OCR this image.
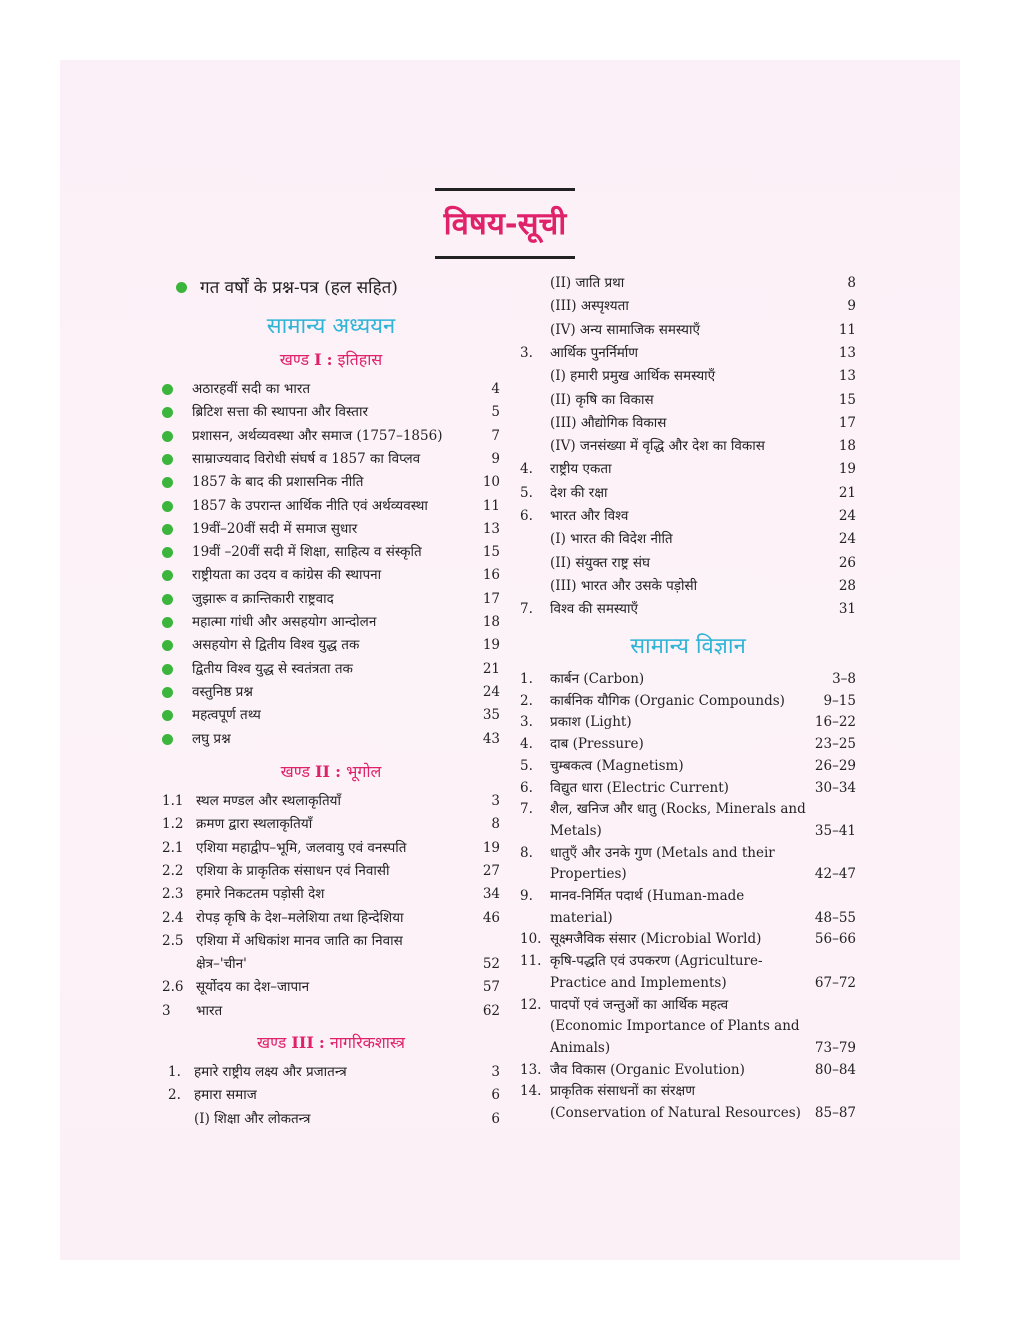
विषय-सूची
गत वर्षों के प्रश्न-पत्र (हल सहित)
सामान्य अध्ययन
खण्ड I : इतिहास
अठारहवीं सदी का भारत	4
ब्रिटिश सत्ता की स्थापना और विस्तार	5
प्रशासन, अर्थव्यवस्था और समाज (1757–1856)	7
साम्राज्यवाद विरोधी संघर्ष व 1857 का विप्लव	9
1857 के बाद की प्रशासनिक नीति	10
1857 के उपरान्त आर्थिक नीति एवं अर्थव्यवस्था	11
19वीं–20वीं सदी में समाज सुधार	13
19वीं –20वीं सदी में शिक्षा, साहित्य व संस्कृति	15
राष्ट्रीयता का उदय व कांग्रेस की स्थापना	16
जुझारू व क्रान्तिकारी राष्ट्रवाद	17
महात्मा गांधी और असहयोग आन्दोलन	18
असहयोग से द्वितीय विश्व युद्ध तक	19
द्वितीय विश्व युद्ध से स्वतंत्रता तक	21
वस्तुनिष्ठ प्रश्न	24
महत्वपूर्ण तथ्य	35
लघु प्रश्न	43
खण्ड II : भूगोल
1.1 स्थल मण्डल और स्थलाकृतियाँ	3
1.2 क्रमण द्वारा स्थलाकृतियाँ	8
2.1 एशिया महाद्वीप–भूमि, जलवायु एवं वनस्पति	19
2.2 एशिया के प्राकृतिक संसाधन एवं निवासी	27
2.3 हमारे निकटतम पड़ोसी देश	34
2.4 रोपड़ कृषि के देश–मलेशिया तथा हिन्देशिया	46
2.5 एशिया में अधिकांश मानव जाति का निवास
क्षेत्र–'चीन'	52
2.6 सूर्योदय का देश–जापान	57
3 भारत	62
खण्ड III : नागरिकशास्त्र
1. हमारे राष्ट्रीय लक्ष्य और प्रजातन्त्र	3
2. हमारा समाज	6
(I) शिक्षा और लोकतन्त्र	6
(II) जाति प्रथा	8
(III) अस्पृश्यता	9
(IV) अन्य सामाजिक समस्याएँ	11
3. आर्थिक पुनर्निर्माण	13
(I) हमारी प्रमुख आर्थिक समस्याएँ	13
(II) कृषि का विकास	15
(III) औद्योगिक विकास	17
(IV) जनसंख्या में वृद्धि और देश का विकास	18
4. राष्ट्रीय एकता	19
5. देश की रक्षा	21
6. भारत और विश्व	24
(I) भारत की विदेश नीति	24
(II) संयुक्त राष्ट्र संघ	26
(III) भारत और उसके पड़ोसी	28
7. विश्व की समस्याएँ	31
सामान्य विज्ञान
1. कार्बन (Carbon)	3–8
2. कार्बनिक यौगिक (Organic Compounds)	9–15
3. प्रकाश (Light)	16–22
4. दाब (Pressure)	23–25
5. चुम्बकत्व (Magnetism)	26–29
6. विद्युत धारा (Electric Current)	30–34
7. शैल, खनिज और धातु (Rocks, Minerals and
Metals)	35–41
8. धातुएँ और उनके गुण (Metals and their
Properties)	42–47
9. मानव-निर्मित पदार्थ (Human-made
material)	48–55
10. सूक्ष्मजैविक संसार (Microbial World)	56–66
11. कृषि-पद्धति एवं उपकरण (Agriculture-
Practice and Implements)	67–72
12. पादपों एवं जन्तुओं का आर्थिक महत्व
(Economic Importance of Plants and
Animals)	73–79
13. जैव विकास (Organic Evolution)	80–84
14. प्राकृतिक संसाधनों का संरक्षण
(Conservation of Natural Resources) 85–87
